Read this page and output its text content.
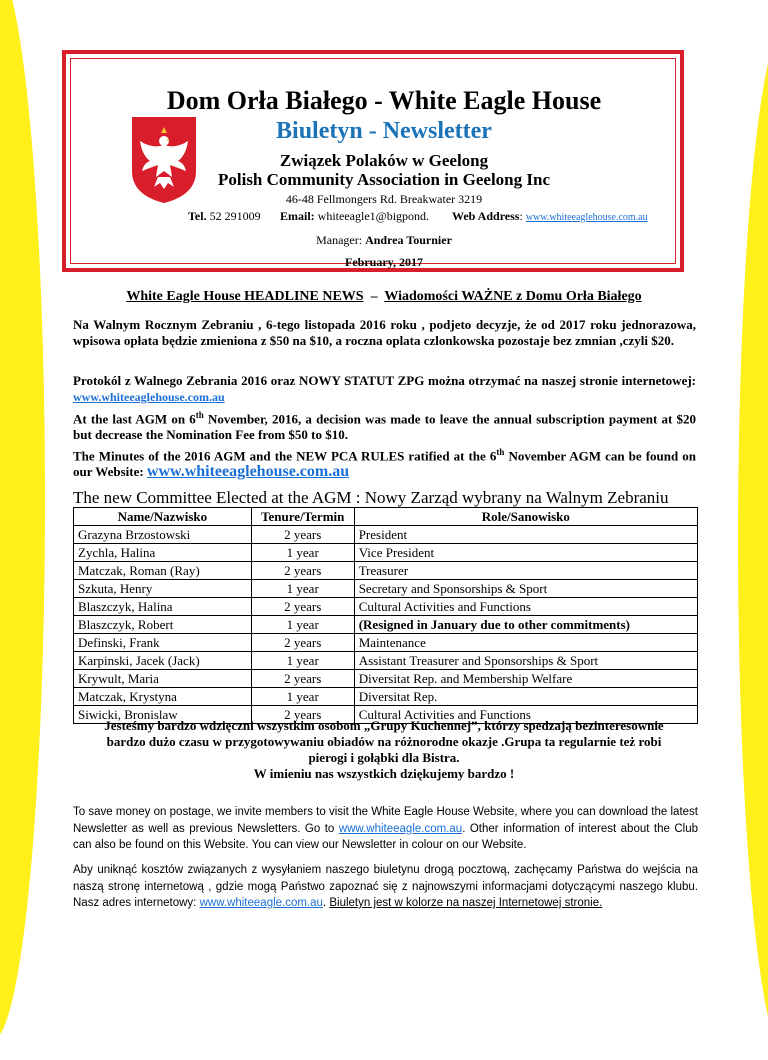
Dom Orła Białego - White Eagle House
Biuletyn - Newsletter
Związek Polaków w Geelong
Polish Community Association in Geelong Inc
46-48 Fellmongers Rd. Breakwater 3219
Tel. 52 291009 Email: whiteeagle1@bigpond. Web Address: www.whiteeaglehouse.com.au
Manager: Andrea Tournier
February, 2017
White Eagle House HEADLINE NEWS – Wiadomości WAŻNE z Domu Orła Białego
Na Walnym Rocznym Zebraniu , 6-tego listopada 2016 roku , podjeto decyzje, że od 2017 roku jednorazowa, wpisowa opłata będzie zmieniona z $50 na $10, a roczna oplata czlonkowska pozostaje bez zmnian ,czyli $20.
Protokól z Walnego Zebrania 2016 oraz NOWY STATUT ZPG można otrzymać na naszej stronie internetowej: www.whiteeaglehouse.com.au
At the last AGM on 6th November, 2016, a decision was made to leave the annual subscription payment at $20 but decrease the Nomination Fee from $50 to $10.
The Minutes of the 2016 AGM and the NEW PCA RULES ratified at the 6th November AGM can be found on our Website: www.whiteeaglehouse.com.au
The new Committee Elected at the AGM : Nowy Zarząd wybrany na Walnym Zebraniu
Name/Nazwisko	Tenure/Termin	Role/Sanowisko
Grazyna Brzostowski	2 years	President
Zychla, Halina	1 year	Vice President
Matczak, Roman (Ray)	2 years	Treasurer
Szkuta, Henry	1 year	Secretary and Sponsorships & Sport
Blaszczyk, Halina	2 years	Cultural Activities and Functions
Blaszczyk, Robert	1 year	(Resigned in January due to other commitments)
Definski, Frank	2 years	Maintenance
Karpinski, Jacek (Jack)	1 year	Assistant Treasurer and Sponsorships & Sport
Krywult, Maria	2 years	Diversitat Rep. and Membership Welfare
Matczak, Krystyna	1 year	Diversitat Rep.
Siwicki, Bronislaw	2 years	Cultural Activities and Functions
Jesteśmy bardzo wdzięczni wszystkim osobom „Grupy Kuchennej”, którzy spedzają bezinteresownie
bardzo dużo czasu w przygotowywaniu obiadów na różnorodne okazje .Grupa ta regularnie też robi
pierogi i gołąbki dla Bistra.
W imieniu nas wszystkich dziękujemy bardzo !
To save money on postage, we invite members to visit the White Eagle House Website, where you can download the latest Newsletter as well as previous Newsletters. Go to www.whiteeagle.com.au. Other information of interest about the Club can also be found on this Website. You can view our Newsletter in colour on our Website.
Aby uniknąć kosztów związanych z wysyłaniem naszego biuletynu drogą pocztową, zachęcamy Państwa do wejścia na naszą stronę internetową , gdzie mogą Państwo zapoznać się z najnowszymi informacjami dotyczącymi naszego klubu. Nasz adres internetowy: www.whiteeagle.com.au. Biuletyn jest w kolorze na naszej Internetowej stronie.
